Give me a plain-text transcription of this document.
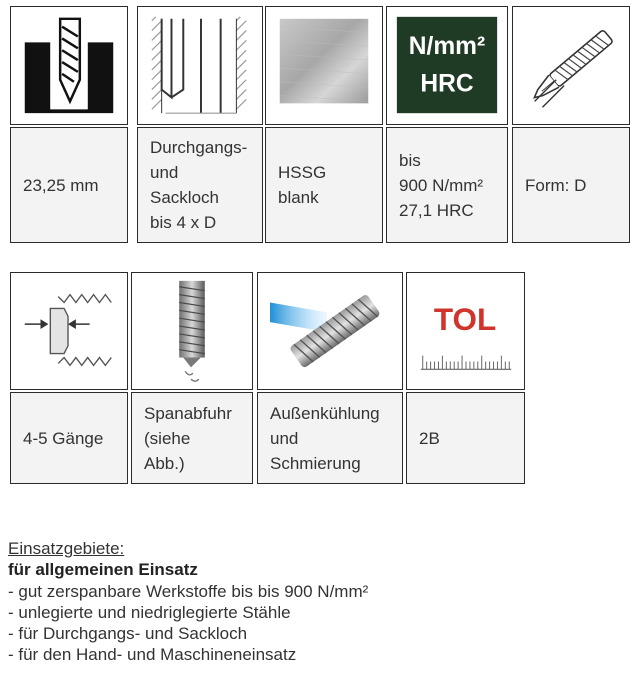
N/mm²
HRC
23,25 mm
Durchgangs-
und
Sackloch
bis 4 x D
HSSG
blank
bis
900 N/mm²
27,1 HRC
Form: D
TOL
4-5 Gänge
Spanabfuhr
(siehe
Abb.)
Außenkühlung
und
Schmierung
2B
Einsatzgebiete:
für allgemeinen Einsatz
- gut zerspanbare Werkstoffe bis bis 900 N/mm²
- unlegierte und niedriglegierte Stähle
- für Durchgangs- und Sackloch
- für den Hand- und Maschineneinsatz
